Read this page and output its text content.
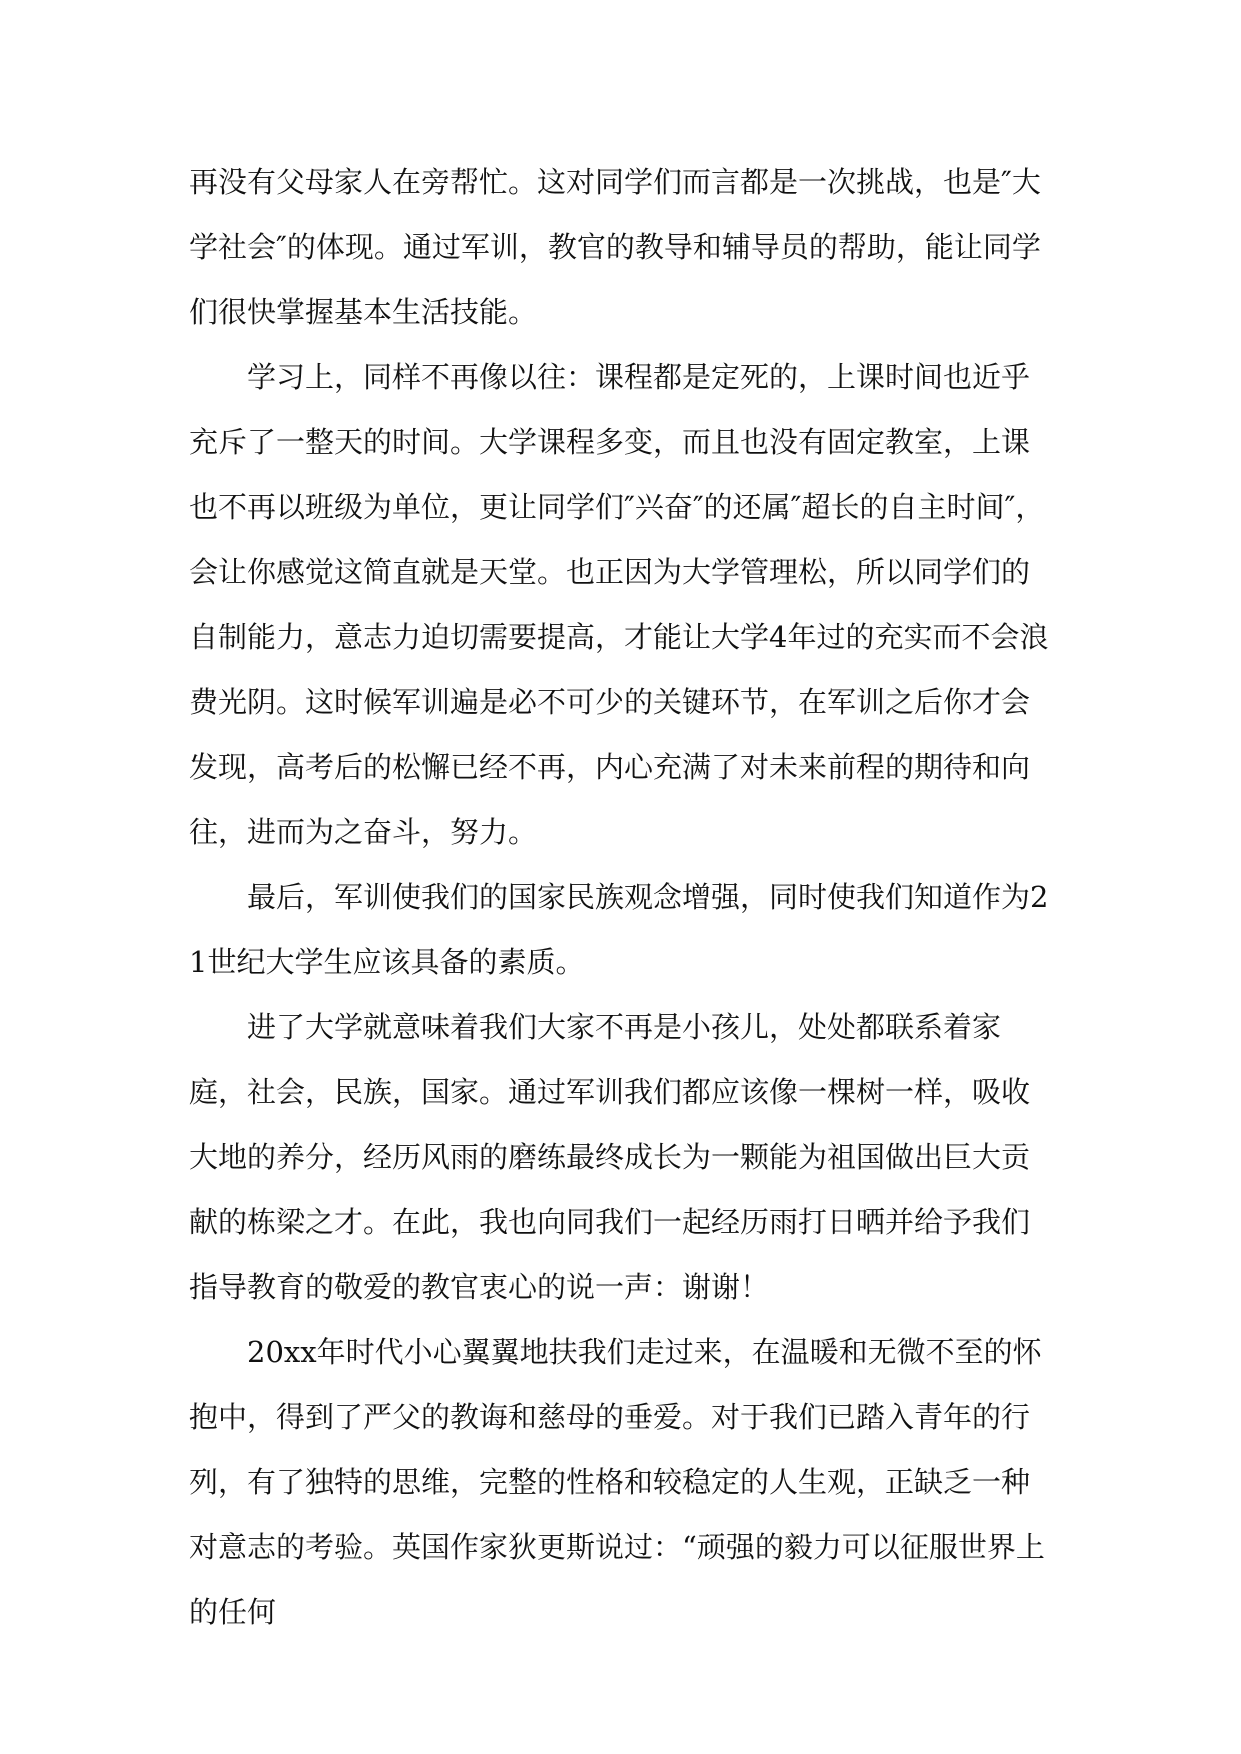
再没有父母家人在旁帮忙。这对同学们而言都是一次挑战，也是″大学社会″的体现。通过军训，教官的教导和辅导员的帮助，能让同学们很快掌握基本生活技能。

学习上，同样不再像以往：课程都是定死的，上课时间也近乎充斥了一整天的时间。大学课程多变，而且也没有固定教室，上课也不再以班级为单位，更让同学们″兴奋″的还属″超长的自主时间″，会让你感觉这简直就是天堂。也正因为大学管理松，所以同学们的自制能力，意志力迫切需要提高，才能让大学4年过的充实而不会浪费光阴。这时候军训遍是必不可少的关键环节，在军训之后你才会发现，高考后的松懈已经不再，内心充满了对未来前程的期待和向往，进而为之奋斗，努力。

最后，军训使我们的国家民族观念增强，同时使我们知道作为21世纪大学生应该具备的素质。

进了大学就意味着我们大家不再是小孩儿，处处都联系着家庭，社会，民族，国家。通过军训我们都应该像一棵树一样，吸收大地的养分，经历风雨的磨练最终成长为一颗能为祖国做出巨大贡献的栋梁之才。在此，我也向同我们一起经历雨打日晒并给予我们指导教育的敬爱的教官衷心的说一声：谢谢！

20xx年时代小心翼翼地扶我们走过来，在温暖和无微不至的怀抱中，得到了严父的教诲和慈母的垂爱。对于我们已踏入青年的行列，有了独特的思维，完整的性格和较稳定的人生观，正缺乏一种对意志的考验。英国作家狄更斯说过：“顽强的毅力可以征服世界上的任何
